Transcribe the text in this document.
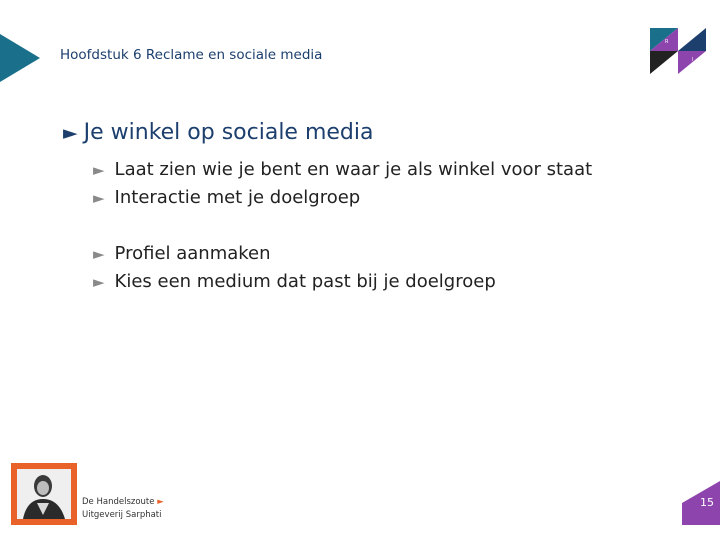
Hoofdstuk 6 Reclame en sociale media
R
I
► Je winkel op sociale media
► Laat zien wie je bent en waar je als winkel voor staat
► Interactie met je doelgroep
► Profiel aanmaken
► Kies een medium dat past bij je doelgroep
De Handelszoute ►
Uitgeverij Sarphati
15
